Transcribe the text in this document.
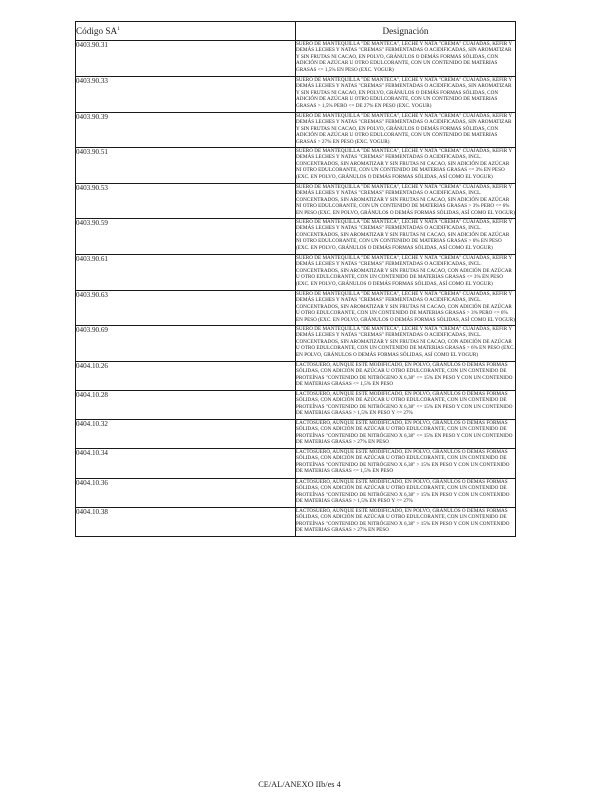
Código $SA^1$	Designación
0403.90.31	SUERO DE MANTEQUILLA "DE MANTECA", LECHE Y NATA "CREMA" CUAJADAS, KÉFIR Y DEMÁS LECHES Y NATAS "CREMAS" FERMENTADAS O ACIDIFICADAS, SIN AROMATIZAR Y SIN FRUTAS NI CACAO, EN POLVO, GRÁNULOS O DEMÁS FORMAS SÓLIDAS, CON ADICIÓN DE AZÚCAR U OTRO EDULCORANTE, CON UN CONTENIDO DE MATERIAS GRASAS <= 1,5% EN PESO (EXC. YOGUR)
0403.90.33	SUERO DE MANTEQUILLA "DE MANTECA", LECHE Y NATA "CREMA" CUAJADAS, KÉFIR Y DEMÁS LECHES Y NATAS "CREMAS" FERMENTADAS O ACIDIFICADAS, SIN AROMATIZAR Y SIN FRUTAS NI CACAO, EN POLVO, GRÁNULOS O DEMÁS FORMAS SÓLIDAS, CON ADICIÓN DE AZÚCAR U OTRO EDULCORANTE, CON UN CONTENIDO DE MATERIAS GRASAS > 1,5% PERO <= DE 27% EN PESO (EXC. YOGUR)
0403.90.39	SUERO DE MANTEQUILLA "DE MANTECA", LECHE Y NATA "CREMA" CUAJADAS, KÉFIR Y DEMÁS LECHES Y NATAS "CREMAS" FERMENTADAS O ACIDIFICADAS, SIN AROMATIZAR Y SIN FRUTAS NI CACAO, EN POLVO, GRÁNULOS O DEMÁS FORMAS SÓLIDAS, CON ADICIÓN DE AZÚCAR U OTRO EDULCORANTE, CON UN CONTENIDO DE MATERIAS GRASAS > 27% EN PESO (EXC. YOGUR)
0403.90.51	SUERO DE MANTEQUILLA "DE MANTECA", LECHE Y NATA "CREMA" CUAJADAS, KÉFIR Y DEMÁS LECHES Y NATAS "CREMAS" FERMENTADAS O ACIDIFICADAS, INCL. CONCENTRADOS, SIN AROMATIZAR Y SIN FRUTAS NI CACAO, SIN ADICIÓN DE AZÚCAR NI OTRO EDULCORANTE, CON UN CONTENIDO DE MATERIAS GRASAS <= 3% EN PESO (EXC. EN POLVO, GRÁNULOS O DEMÁS FORMAS SÓLIDAS, ASÍ COMO EL YOGUR)
0403.90.53	SUERO DE MANTEQUILLA "DE MANTECA", LECHE Y NATA "CREMA" CUAJADAS, KÉFIR Y DEMÁS LECHES Y NATAS "CREMAS" FERMENTADAS O ACIDIFICADAS, INCL. CONCENTRADOS, SIN AROMATIZAR Y SIN FRUTAS NI CACAO, SIN ADICIÓN DE AZÚCAR NI OTRO EDULCORANTE, CON UN CONTENIDO DE MATERIAS GRASAS > 3% PERO <= 6% EN PESO (EXC. EN POLVO, GRÁNULOS O DEMÁS FORMAS SÓLIDAS, ASÍ COMO EL YOGUR)
0403.90.59	SUERO DE MANTEQUILLA "DE MANTECA", LECHE Y NATA "CREMA" CUAJADAS, KÉFIR Y DEMÁS LECHES Y NATAS "CREMAS" FERMENTADAS O ACIDIFICADAS, INCL. CONCENTRADOS, SIN AROMATIZAR Y SIN FRUTAS NI CACAO, SIN ADICIÓN DE AZÚCAR NI OTRO EDULCORANTE, CON UN CONTENIDO DE MATERIAS GRASAS > 6% EN PESO (EXC. EN POLVO, GRÁNULOS O DEMÁS FORMAS SÓLIDAS, ASÍ COMO EL YOGUR)
0403.90.61	SUERO DE MANTEQUILLA "DE MANTECA", LECHE Y NATA "CREMA" CUAJADAS, KÉFIR Y DEMÁS LECHES Y NATAS "CREMAS" FERMENTADAS O ACIDIFICADAS, INCL. CONCENTRADOS, SIN AROMATIZAR Y SIN FRUTAS NI CACAO, CON ADICIÓN DE AZÚCAR U OTRO EDULCORANTE, CON UN CONTENIDO DE MATERIAS GRASAS <= 3% EN PESO (EXC. EN POLVO, GRÁNULOS O DEMÁS FORMAS SÓLIDAS, ASÍ COMO EL YOGUR)
0403.90.63	SUERO DE MANTEQUILLA "DE MANTECA", LECHE Y NATA "CREMA" CUAJADAS, KÉFIR Y DEMÁS LECHES Y NATAS "CREMAS" FERMENTADAS O ACIDIFICADAS, INCL. CONCENTRADOS, SIN AROMATIZAR Y SIN FRUTAS NI CACAO, CON ADICIÓN DE AZÚCAR U OTRO EDULCORANTE, CON UN CONTENIDO DE MATERIAS GRASAS > 3% PERO <= 6% EN PESO (EXC. EN POLVO, GRÁNULOS O DEMÁS FORMAS SÓLIDAS, ASÍ COMO EL YOGUR)
0403.90.69	SUERO DE MANTEQUILLA "DE MANTECA", LECHE Y NATA "CREMA" CUAJADAS, KÉFIR Y DEMÁS LECHES Y NATAS "CREMAS" FERMENTADAS O ACIDIFICADAS, INCL. CONCENTRADOS, SIN AROMATIZAR Y SIN FRUTAS NI CACAO, CON ADICIÓN DE AZÚCAR U OTRO EDULCORANTE, CON UN CONTENIDO DE MATERIAS GRASAS > 6% EN PESO (EXC. EN POLVO, GRÁNULOS O DEMÁS FORMAS SÓLIDAS, ASÍ COMO EL YOGUR)
0404.10.26	LACTOSUERO, AUNQUE ESTÉ MODIFICADO, EN POLVO, GRÁNULOS O DEMÁS FORMAS SÓLIDAS, CON ADICIÓN DE AZÚCAR U OTRO EDULCORANTE, CON UN CONTENIDO DE PROTEÍNAS "CONTENIDO DE NITRÓGENO X 6,38" <= 15% EN PESO Y CON UN CONTENIDO DE MATERIAS GRASAS <= 1,5% EN PESO
0404.10.28	LACTOSUERO, AUNQUE ESTÉ MODIFICADO, EN POLVO, GRÁNULOS O DEMÁS FORMAS SÓLIDAS, CON ADICIÓN DE AZÚCAR U OTRO EDULCORANTE, CON UN CONTENIDO DE PROTEÍNAS "CONTENIDO DE NITRÓGENO X 6,38" <= 15% EN PESO Y CON UN CONTENIDO DE MATERIAS GRASAS > 1,5% EN PESO Y <= 27%
0404.10.32	LACTOSUERO, AUNQUE ESTÉ MODIFICADO, EN POLVO, GRÁNULOS O DEMÁS FORMAS SÓLIDAS, CON ADICIÓN DE AZÚCAR U OTRO EDULCORANTE, CON UN CONTENIDO DE PROTEÍNAS "CONTENIDO DE NITRÓGENO X 6,38" <= 15% EN PESO Y CON UN CONTENIDO DE MATERIAS GRASAS > 27% EN PESO
0404.10.34	LACTOSUERO, AUNQUE ESTÉ MODIFICADO, EN POLVO, GRÁNULOS O DEMÁS FORMAS SÓLIDAS, CON ADICIÓN DE AZÚCAR U OTRO EDULCORANTE, CON UN CONTENIDO DE PROTEÍNAS "CONTENIDO DE NITRÓGENO X 6,38" > 15% EN PESO Y CON UN CONTENIDO DE MATERIAS GRASAS <= 1,5% EN PESO
0404.10.36	LACTOSUERO, AUNQUE ESTÉ MODIFICADO, EN POLVO, GRÁNULOS O DEMÁS FORMAS SÓLIDAS, CON ADICIÓN DE AZÚCAR U OTRO EDULCORANTE, CON UN CONTENIDO DE PROTEÍNAS "CONTENIDO DE NITRÓGENO X 6,38" > 15% EN PESO Y CON UN CONTENIDO DE MATERIAS GRASAS > 1,5% EN PESO Y <= 27%
0404.10.38	LACTOSUERO, AUNQUE ESTÉ MODIFICADO, EN POLVO, GRÁNULOS O DEMÁS FORMAS SÓLIDAS, CON ADICIÓN DE AZÚCAR U OTRO EDULCORANTE, CON UN CONTENIDO DE PROTEÍNAS "CONTENIDO DE NITRÓGENO X 6,38" > 15% EN PESO Y CON UN CONTENIDO DE MATERIAS GRASAS > 27% EN PESO
CE/AL/ANEXO IIb/es 4
